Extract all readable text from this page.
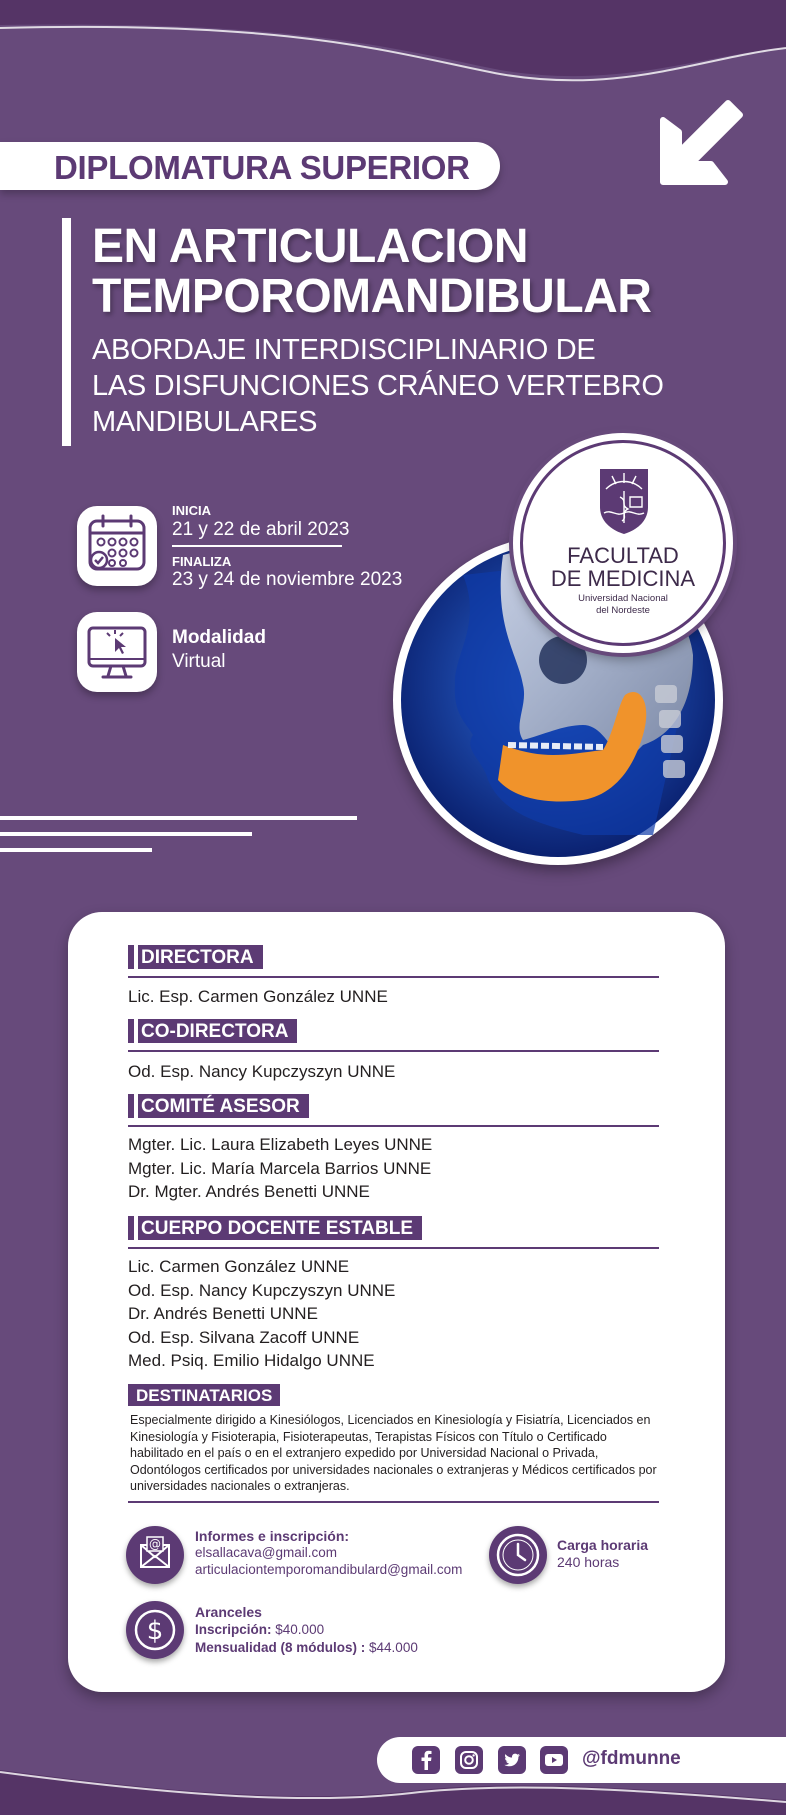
DIPLOMATURA SUPERIOR
EN ARTICULACION
TEMPOROMANDIBULAR
ABORDAJE INTERDISCIPLINARIO DE
LAS DISFUNCIONES CRÁNEO VERTEBRO
MANDIBULARES
INICIA
21 y 22 de abril 2023
FINALIZA
23 y 24 de noviembre 2023
Modalidad
Virtual
FACULTAD
DE MEDICINA
Universidad Nacional
del Nordeste
DIRECTORA
Lic. Esp. Carmen González UNNE
CO-DIRECTORA
Od. Esp. Nancy Kupczyszyn UNNE
COMITÉ ASESOR
Mgter. Lic. Laura Elizabeth Leyes UNNE
Mgter. Lic. María Marcela Barrios UNNE
Dr. Mgter. Andrés Benetti UNNE
CUERPO DOCENTE ESTABLE
Lic. Carmen González UNNE
Od. Esp. Nancy Kupczyszyn UNNE
Dr. Andrés Benetti UNNE
Od. Esp. Silvana Zacoff UNNE
Med. Psiq. Emilio Hidalgo UNNE
DESTINATARIOS
Especialmente dirigido a Kinesiólogos, Licenciados en Kinesiología y Fisiatría, Licenciados en Kinesiología y Fisioterapia, Fisioterapeutas, Terapistas Físicos con Título o Certificado habilitado en el país o en el extranjero expedido por Universidad Nacional o Privada, Odontólogos certificados por universidades nacionales o extranjeras y Médicos certificados por universidades nacionales o extranjeras.
@ Informes e inscripción:
elsallacava@gmail.com
articulaciontemporomandibulard@gmail.com
Carga horaria
240 horas
$
Aranceles
Inscripción: $40.000
Mensualidad (8 módulos) : $44.000
@fdmunne
